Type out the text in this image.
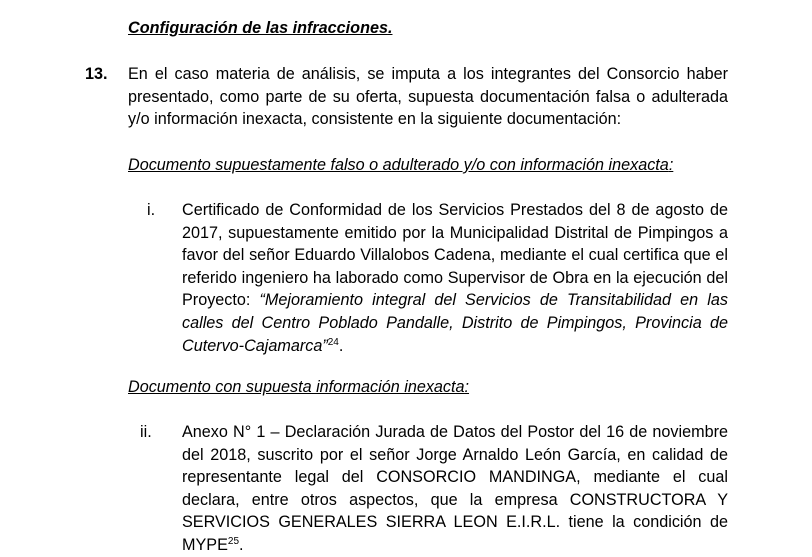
Configuración de las infracciones.
13. En el caso materia de análisis, se imputa a los integrantes del Consorcio haber presentado, como parte de su oferta, supuesta documentación falsa o adulterada y/o información inexacta, consistente en la siguiente documentación:
Documento supuestamente falso o adulterado y/o con información inexacta:
i.	Certificado de Conformidad de los Servicios Prestados del 8 de agosto de 2017, supuestamente emitido por la Municipalidad Distrital de Pimpingos a favor del señor Eduardo Villalobos Cadena, mediante el cual certifica que el referido ingeniero ha laborado como Supervisor de Obra en la ejecución del Proyecto: “Mejoramiento integral del Servicios de Transitabilidad en las calles del Centro Poblado Pandalle, Distrito de Pimpingos, Provincia de Cutervo-Cajamarca”$^{24}$.
Documento con supuesta información inexacta:
ii.	Anexo N° 1 – Declaración Jurada de Datos del Postor del 16 de noviembre del 2018, suscrito por el señor Jorge Arnaldo León García, en calidad de representante legal del CONSORCIO MANDINGA, mediante el cual declara, entre otros aspectos, que la empresa CONSTRUCTORA Y SERVICIOS GENERALES SIERRA LEON E.I.R.L. tiene la condición de MYPE$^{25}$.
